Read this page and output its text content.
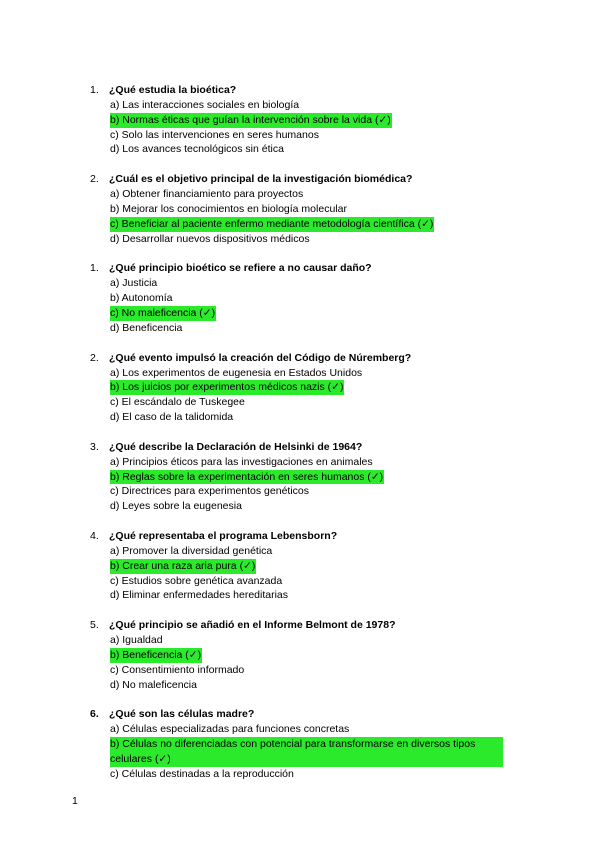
1. ¿Qué estudia la bioética?
a) Las interacciones sociales en biología
b) Normas éticas que guían la intervención sobre la vida (✓)
c) Solo las intervenciones en seres humanos
d) Los avances tecnológicos sin ética
2. ¿Cuál es el objetivo principal de la investigación biomédica?
a) Obtener financiamiento para proyectos
b) Mejorar los conocimientos en biología molecular
c) Beneficiar al paciente enfermo mediante metodología científica (✓)
d) Desarrollar nuevos dispositivos médicos
1. ¿Qué principio bioético se refiere a no causar daño?
a) Justicia
b) Autonomía
c) No maleficencia (✓)
d) Beneficencia
2. ¿Qué evento impulsó la creación del Código de Núremberg?
a) Los experimentos de eugenesia en Estados Unidos
b) Los juicios por experimentos médicos nazis (✓)
c) El escándalo de Tuskegee
d) El caso de la talidomida
3. ¿Qué describe la Declaración de Helsinki de 1964?
a) Principios éticos para las investigaciones en animales
b) Reglas sobre la experimentación en seres humanos (✓)
c) Directrices para experimentos genéticos
d) Leyes sobre la eugenesia
4. ¿Qué representaba el programa Lebensborn?
a) Promover la diversidad genética
b) Crear una raza aria pura (✓)
c) Estudios sobre genética avanzada
d) Eliminar enfermedades hereditarias
5. ¿Qué principio se añadió en el Informe Belmont de 1978?
a) Igualdad
b) Beneficencia (✓)
c) Consentimiento informado
d) No maleficencia
6. ¿Qué son las células madre?
a) Células especializadas para funciones concretas
b) Células no diferenciadas con potencial para transformarse en diversos tipos celulares (✓)
c) Células destinadas a la reproducción
1
